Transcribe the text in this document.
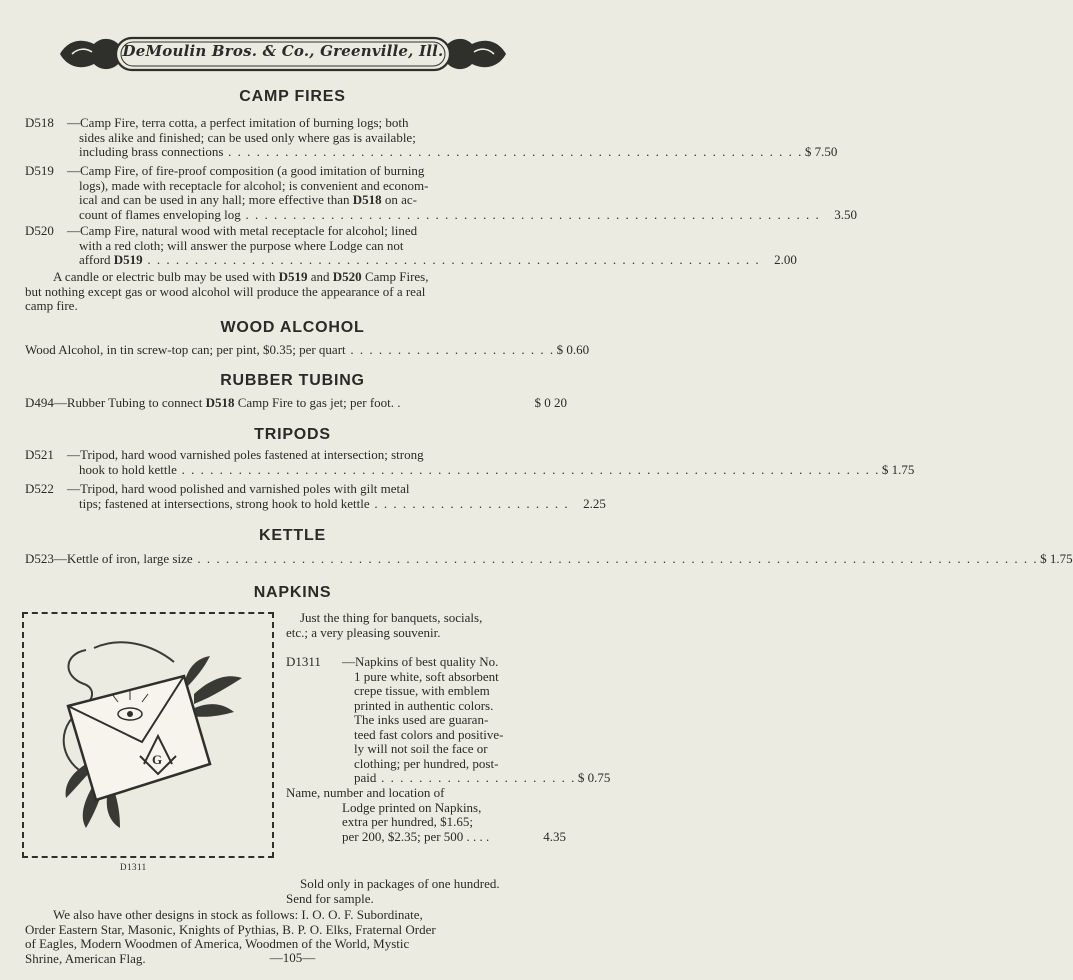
DeMoulin Bros. & Co., Greenville, Ill.
CAMP FIRES
D518 —Camp Fire, terra cotta, a perfect imitation of burning logs; both
sides alike and finished; can be used only where gas is available;
including brass connections . . . . . . . . . . . . . . . . . . . . . . . . . . . . . . . . . . . . . . . . . . . . . . . . . . . . . . . . . . . . . $ 7.50
D519 —Camp Fire, of fire-proof composition (a good imitation of burning
logs), made with receptacle for alcohol; is convenient and econom-
ical and can be used in any hall; more effective than D518 on ac-
count of flames enveloping log . . . . . . . . . . . . . . . . . . . . . . . . . . . . . . . . . . . . . . . . . . . . . . . . . . . . . . . . . . . . .	3.50
D520 —Camp Fire, natural wood with metal receptacle for alcohol; lined
with a red cloth; will answer the purpose where Lodge can not
afford D519 . . . . . . . . . . . . . . . . . . . . . . . . . . . . . . . . . . . . . . . . . . . . . . . . . . . . . . . . . . . . . . . . .	2.00
A candle or electric bulb may be used with D519 and D520 Camp Fires,
but nothing except gas or wood alcohol will produce the appearance of a real
camp fire.
WOOD ALCOHOL
Wood Alcohol, in tin screw-top can; per pint, $0.35; per quart . . . . . . . . . . . . . . . . . . . . . . $ 0.60
RUBBER TUBING
D494—Rubber Tubing to connect D518 Camp Fire to gas jet; per foot. .	$ 0 20
TRIPODS
D521 —Tripod, hard wood varnished poles fastened at intersection; strong
hook to hold kettle . . . . . . . . . . . . . . . . . . . . . . . . . . . . . . . . . . . . . . . . . . . . . . . . . . . . . . . . . . . . . . . . . . . . . . . . . . $ 1.75
D522 —Tripod, hard wood polished and varnished poles with gilt metal
tips; fastened at intersections, strong hook to hold kettle . . . . . . . . . . . . . . . . . . . . .	2.25
KETTLE
D523—Kettle of iron, large size . . . . . . . . . . . . . . . . . . . . . . . . . . . . . . . . . . . . . . . . . . . . . . . . . . . . . . . . . . . . . . . . . . . . . . . . . . . . . . . . . . . . . . . . . $ 1.75
NAPKINS
G
D1311
Just the thing for banquets, socials,
etc.; a very pleasing souvenir.
D1311 —Napkins of best quality No.
1 pure white, soft absorbent
crepe tissue, with emblem
printed in authentic colors.
The inks used are guaran-
teed fast colors and positive-
ly will not soil the face or
clothing; per hundred, post-
paid . . . . . . . . . . . . . . . . . . . . . $ 0.75
Name, number and location of
Lodge printed on Napkins,
extra per hundred, $1.65;
per 200, $2.35; per 500 . . . .	4.35
Sold only in packages of one hundred.
Send for sample.
We also have other designs in stock as follows: I. O. O. F. Subordinate,
Order Eastern Star, Masonic, Knights of Pythias, B. P. O. Elks, Fraternal Order
of Eagles, Modern Woodmen of America, Woodmen of the World, Mystic
Shrine, American Flag.	—105—
